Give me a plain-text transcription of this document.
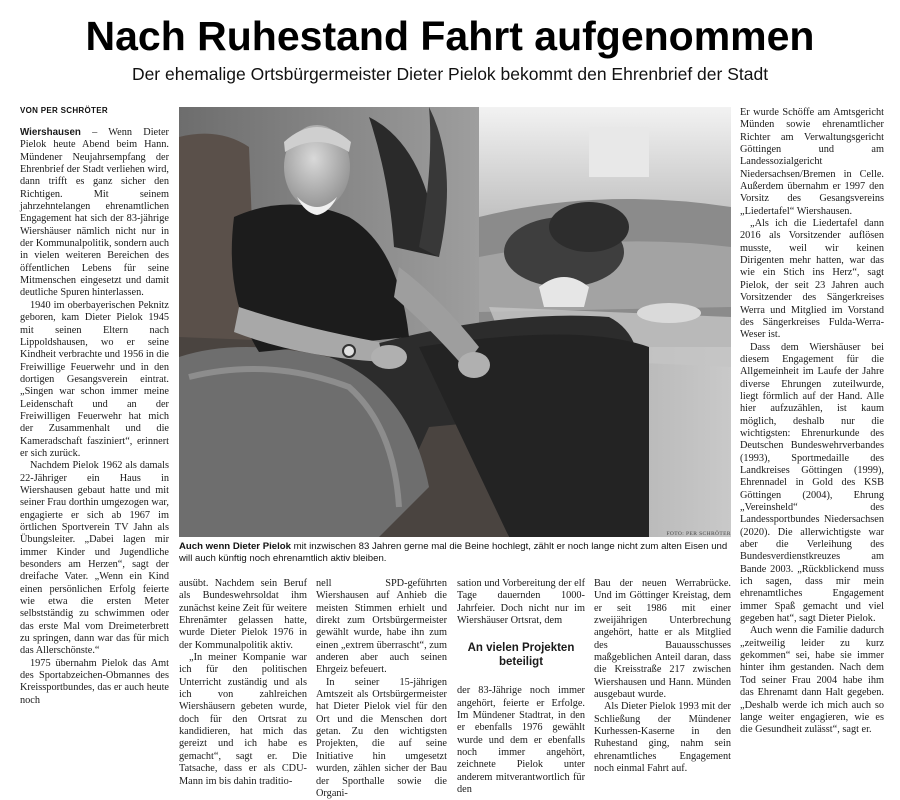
Nach Ruhestand Fahrt aufgenommen
Der ehemalige Ortsbürgermeister Dieter Pielok bekommt den Ehrenbrief der Stadt
VON PER SCHRÖTER

Wiershausen – Wenn Dieter Pielok heute Abend beim Hann. Mündener Neujahrsempfang der Ehrenbrief der Stadt verliehen wird, dann trifft es ganz sicher den Richtigen. Mit seinem jahrzehntelangen ehrenamtlichen Engagement hat sich der 83-jährige Wiershäuser nämlich nicht nur in der Kommunalpolitik, sondern auch in vielen weiteren Bereichen des öffentlichen Lebens für seine Mitmenschen eingesetzt und damit deutliche Spuren hinterlassen.

1940 im oberbayerischen Peknitz geboren, kam Dieter Pielok 1945 mit seinen Eltern nach Lippoldshausen, wo er seine Kindheit verbrachte und 1956 in die Freiwillige Feuerwehr und in den dortigen Gesangsverein eintrat. „Singen war schon immer meine Leidenschaft und an der Freiwilligen Feuerwehr hat mich der Zusammenhalt und die Kameradschaft fasziniert“, erinnert er sich zurück.

Nachdem Pielok 1962 als damals 22-Jähriger ein Haus in Wiershausen gebaut hatte und mit seiner Frau dorthin umgezogen war, engagierte er sich ab 1967 im örtlichen Sportverein TV Jahn als Übungsleiter. „Dabei lagen mir immer Kinder und Jugendliche besonders am Herzen“, sagt der dreifache Vater. „Wenn ein Kind einen persönlichen Erfolg feierte wie etwa die ersten Meter selbstständig zu schwimmen oder das erste Mal vom Dreimeterbrett zu springen, dann war das für mich das Allerschönste.“

1975 übernahm Pielok das Amt des Sportabzeichen-Obmannes des Kreissportbundes, das er auch heute noch

FOTO: PER SCHRÖTER
Auch wenn Dieter Pielok mit inzwischen 83 Jahren gerne mal die Beine hochlegt, zählt er noch lange nicht zum alten Eisen und will auch künftig noch ehrenamtlich aktiv bleiben.

ausübt. Nachdem sein Beruf als Bundeswehrsoldat ihm zunächst keine Zeit für weitere Ehrenämter gelassen hatte, wurde Dieter Pielok 1976 in der Kommunalpolitik aktiv.

„In meiner Kompanie war ich für den politischen Unterricht zuständig und als ich von zahlreichen Wiershäusern gebeten wurde, doch für den Ortsrat zu kandidieren, hat mich das gereizt und ich habe es gemacht“, sagt er. Die Tatsache, dass er als CDU-Mann im bis dahin traditio-

nell SPD-geführten Wiershausen auf Anhieb die meisten Stimmen erhielt und direkt zum Ortsbürgermeister gewählt wurde, habe ihn zum einen „extrem überrascht“, zum anderen aber auch seinen Ehrgeiz befeuert.

In seiner 15-jährigen Amtszeit als Ortsbürgermeister hat Dieter Pielok viel für den Ort und die Menschen dort getan. Zu den wichtigsten Projekten, die auf seine Initiative hin umgesetzt wurden, zählen sicher der Bau der Sporthalle sowie die Organi-

sation und Vorbereitung der elf Tage dauernden 1000-Jahrfeier. Doch nicht nur im Wiershäuser Ortsrat, dem

An vielen Projekten beteiligt

der 83-Jährige noch immer angehört, feierte er Erfolge. Im Mündener Stadtrat, in den er ebenfalls 1976 gewählt wurde und dem er ebenfalls noch immer angehört, zeichnete Pielok unter anderem mitverantwortlich für den

Bau der neuen Werrabrücke. Und im Göttinger Kreistag, dem er seit 1986 mit einer zweijährigen Unterbrechung angehört, hatte er als Mitglied des Bauausschusses maßgeblichen Anteil daran, dass die Kreisstraße 217 zwischen Wiershausen und Hann. Münden ausgebaut wurde.

Als Dieter Pielok 1993 mit der Schließung der Mündener Kurhessen-Kaserne in den Ruhestand ging, nahm sein ehrenamtliches Engagement noch einmal Fahrt auf.

Er wurde Schöffe am Amtsgericht Münden sowie ehrenamtlicher Richter am Verwaltungsgericht Göttingen und am Landessozialgericht Niedersachsen/Bremen in Celle. Außerdem übernahm er 1997 den Vorsitz des Gesangsvereins „Liedertafel“ Wiershausen.

„Als ich die Liedertafel dann 2016 als Vorsitzender auflösen musste, weil wir keinen Dirigenten mehr hatten, war das wie ein Stich ins Herz“, sagt Pielok, der seit 23 Jahren auch Vorsitzender des Sängerkreises Werra und Mitglied im Vorstand des Sängerkreises Fulda-Werra-Weser ist.

Dass dem Wiershäuser bei diesem Engagement für die Allgemeinheit im Laufe der Jahre diverse Ehrungen zuteilwurde, liegt förmlich auf der Hand. Alle hier aufzuzählen, ist kaum möglich, deshalb nur die wichtigsten: Ehrenurkunde des Deutschen Bundeswehrverbandes (1993), Sportmedaille des Landkreises Göttingen (1999), Ehrennadel in Gold des KSB Göttingen (2004), Ehrung „Vereinsheld“ des Landessportbundes Niedersachsen (2020). Die allerwichtigste war aber die Verleihung des Bundesverdienstkreuzes am Bande 2003. „Rückblickend muss ich sagen, dass mir mein ehrenamtliches Engagement immer Spaß gemacht und viel gegeben hat“, sagt Dieter Pielok.

Auch wenn die Familie dadurch „zeitweilig leider zu kurz gekommen“ sei, habe sie immer hinter ihm gestanden. Nach dem Tod seiner Frau 2004 habe ihm das Ehrenamt dann Halt gegeben. „Deshalb werde ich mich auch so lange weiter engagieren, wie es die Gesundheit zulässt“, sagt er.
